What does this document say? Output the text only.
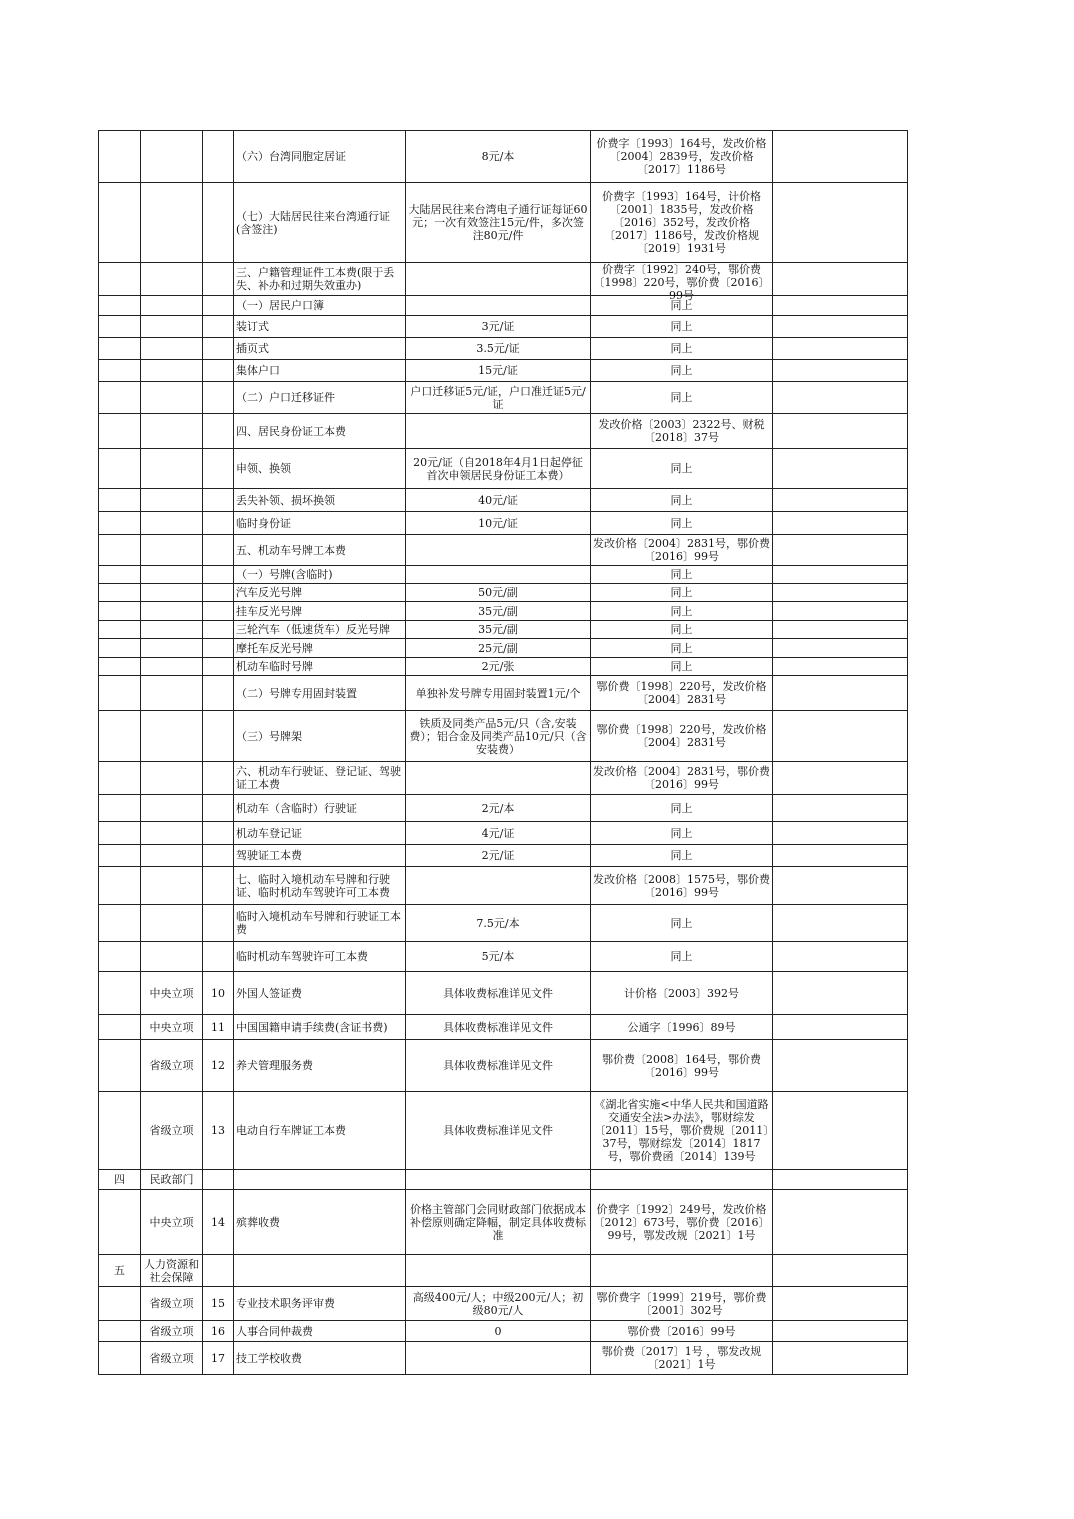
			（六）台湾同胞定居证	8元/本	价费字〔1993〕164号，发改价格〔2004〕2839号，发改价格〔2017〕1186号	

			（七）大陆居民往来台湾通行证(含签注)	大陆居民往来台湾电子通行证每证60元；一次有效签注15元/件，多次签注80元/件	价费字〔1993〕164号，计价格〔2001〕1835号，发改价格〔2016〕352号，发改价格〔2017〕1186号，发改价格规〔2019〕1931号	

			三、户籍管理证件工本费(限于丢失、补办和过期失效重办)		价费字〔1992〕240号，鄂价费〔1998〕220号，鄂价费〔2016〕99号	

			（一）居民户口簿		同上	

			装订式	3元/证	同上	

			插页式	3.5元/证	同上	

			集体户口	15元/证	同上	

			（二）户口迁移证件	户口迁移证5元/证，户口准迁证5元/证	同上	

			四、居民身份证工本费		发改价格〔2003〕2322号、财税〔2018〕37号	

			申领、换领	20元/证（自2018年4月1日起停征首次申领居民身份证工本费）	同上	

			丢失补领、损坏换领	40元/证	同上	

			临时身份证	10元/证	同上	

			五、机动车号牌工本费		发改价格〔2004〕2831号，鄂价费〔2016〕99号	

			（一）号牌(含临时)		同上	

			汽车反光号牌	50元/副	同上	

			挂车反光号牌	35元/副	同上	

			三轮汽车（低速货车）反光号牌	35元/副	同上	

			摩托车反光号牌	25元/副	同上	

			机动车临时号牌	2元/张	同上	

			（二）号牌专用固封装置	单独补发号牌专用固封装置1元/个	鄂价费〔1998〕220号，发改价格〔2004〕2831号	

			（三）号牌架	铁质及同类产品5元/只（含,安装费）；铝合金及同类产品10元/只（含安装费）	鄂价费〔1998〕220号，发改价格〔2004〕2831号	

			六、机动车行驶证、登记证、驾驶证工本费		发改价格〔2004〕2831号，鄂价费〔2016〕99号	

			机动车（含临时）行驶证	2元/本	同上	

			机动车登记证	4元/证	同上	

			驾驶证工本费	2元/证	同上	

			七、临时入境机动车号牌和行驶证、临时机动车驾驶许可工本费		发改价格〔2008〕1575号，鄂价费〔2016〕99号	

			临时入境机动车号牌和行驶证工本费	7.5元/本	同上	

			临时机动车驾驶许可工本费	5元/本	同上	

	中央立项	10	外国人签证费	具体收费标准详见文件	计价格〔2003〕392号	

	中央立项	11	中国国籍申请手续费(含证书费)	具体收费标准详见文件	公通字〔1996〕89号	

	省级立项	12	养犬管理服务费	具体收费标准详见文件	鄂价费〔2008〕164号，鄂价费〔2016〕99号	

	省级立项	13	电动自行车牌证工本费	具体收费标准详见文件	《湖北省实施<中华人民共和国道路交通安全法>办法》，鄂财综发〔2011〕15号，鄂价费规〔2011〕37号，鄂财综发〔2014〕1817号，鄂价费函〔2014〕139号	

四	民政部门					

	中央立项	14	殡葬收费	价格主管部门会同财政部门依据成本补偿原则确定降幅，制定具体收费标准	价费字〔1992〕249号，发改价格〔2012〕673号，鄂价费〔2016〕99号，鄂发改规〔2021〕1号	

五	人力资源和社会保障					

	省级立项	15	专业技术职务评审费	高级400元/人；中级200元/人；初级80元/人	鄂价费字〔1999〕219号，鄂价费〔2001〕302号	

	省级立项	16	人事合同仲裁费	0	鄂价费〔2016〕99号	

	省级立项	17	技工学校收费		鄂价费〔2017〕1号 ，鄂发改规〔2021〕1号	
